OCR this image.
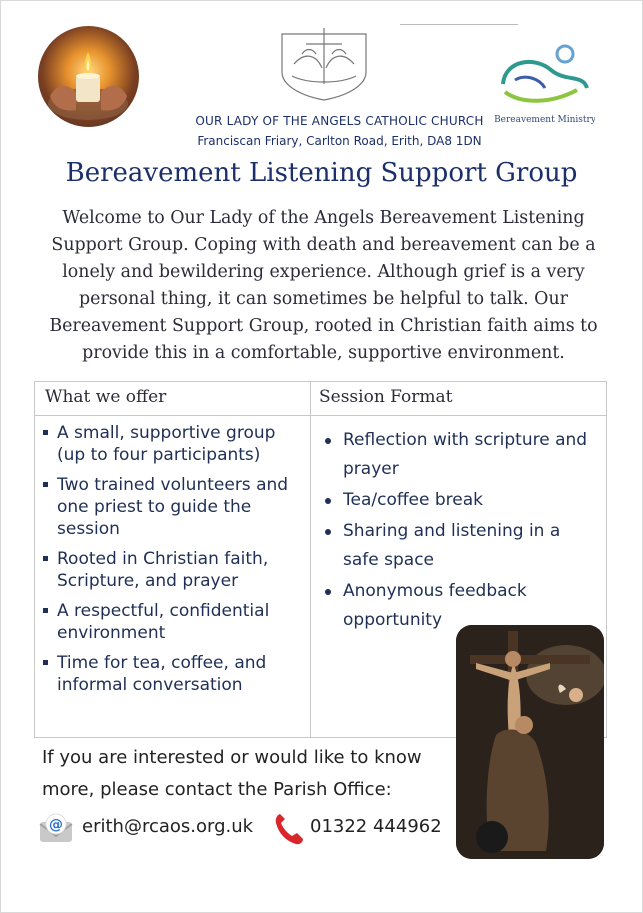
Bereavement Ministry
OUR LADY OF THE ANGELS CATHOLIC CHURCH
Franciscan Friary, Carlton Road, Erith, DA8 1DN
Bereavement Listening Support Group
Welcome to Our Lady of the Angels Bereavement Listening Support Group. Coping with death and bereavement can be a lonely and bewildering experience. Although grief is a very personal thing, it can sometimes be helpful to talk. Our Bereavement Support Group, rooted in Christian faith aims to provide this in a comfortable, supportive environment.
What we offer	Session Format
A small, supportive group (up to four participants)
Two trained volunteers and one priest to guide the session
Rooted in Christian faith, Scripture, and prayer
A respectful, confidential environment
Time for tea, coffee, and informal conversation
Reflection with scripture and prayer
Tea/coffee break
Sharing and listening in a safe space
Anonymous feedback opportunity
If you are interested or would like to know more, please contact the Parish Office:
@ erith@rcaos.org.uk	01322 444962
